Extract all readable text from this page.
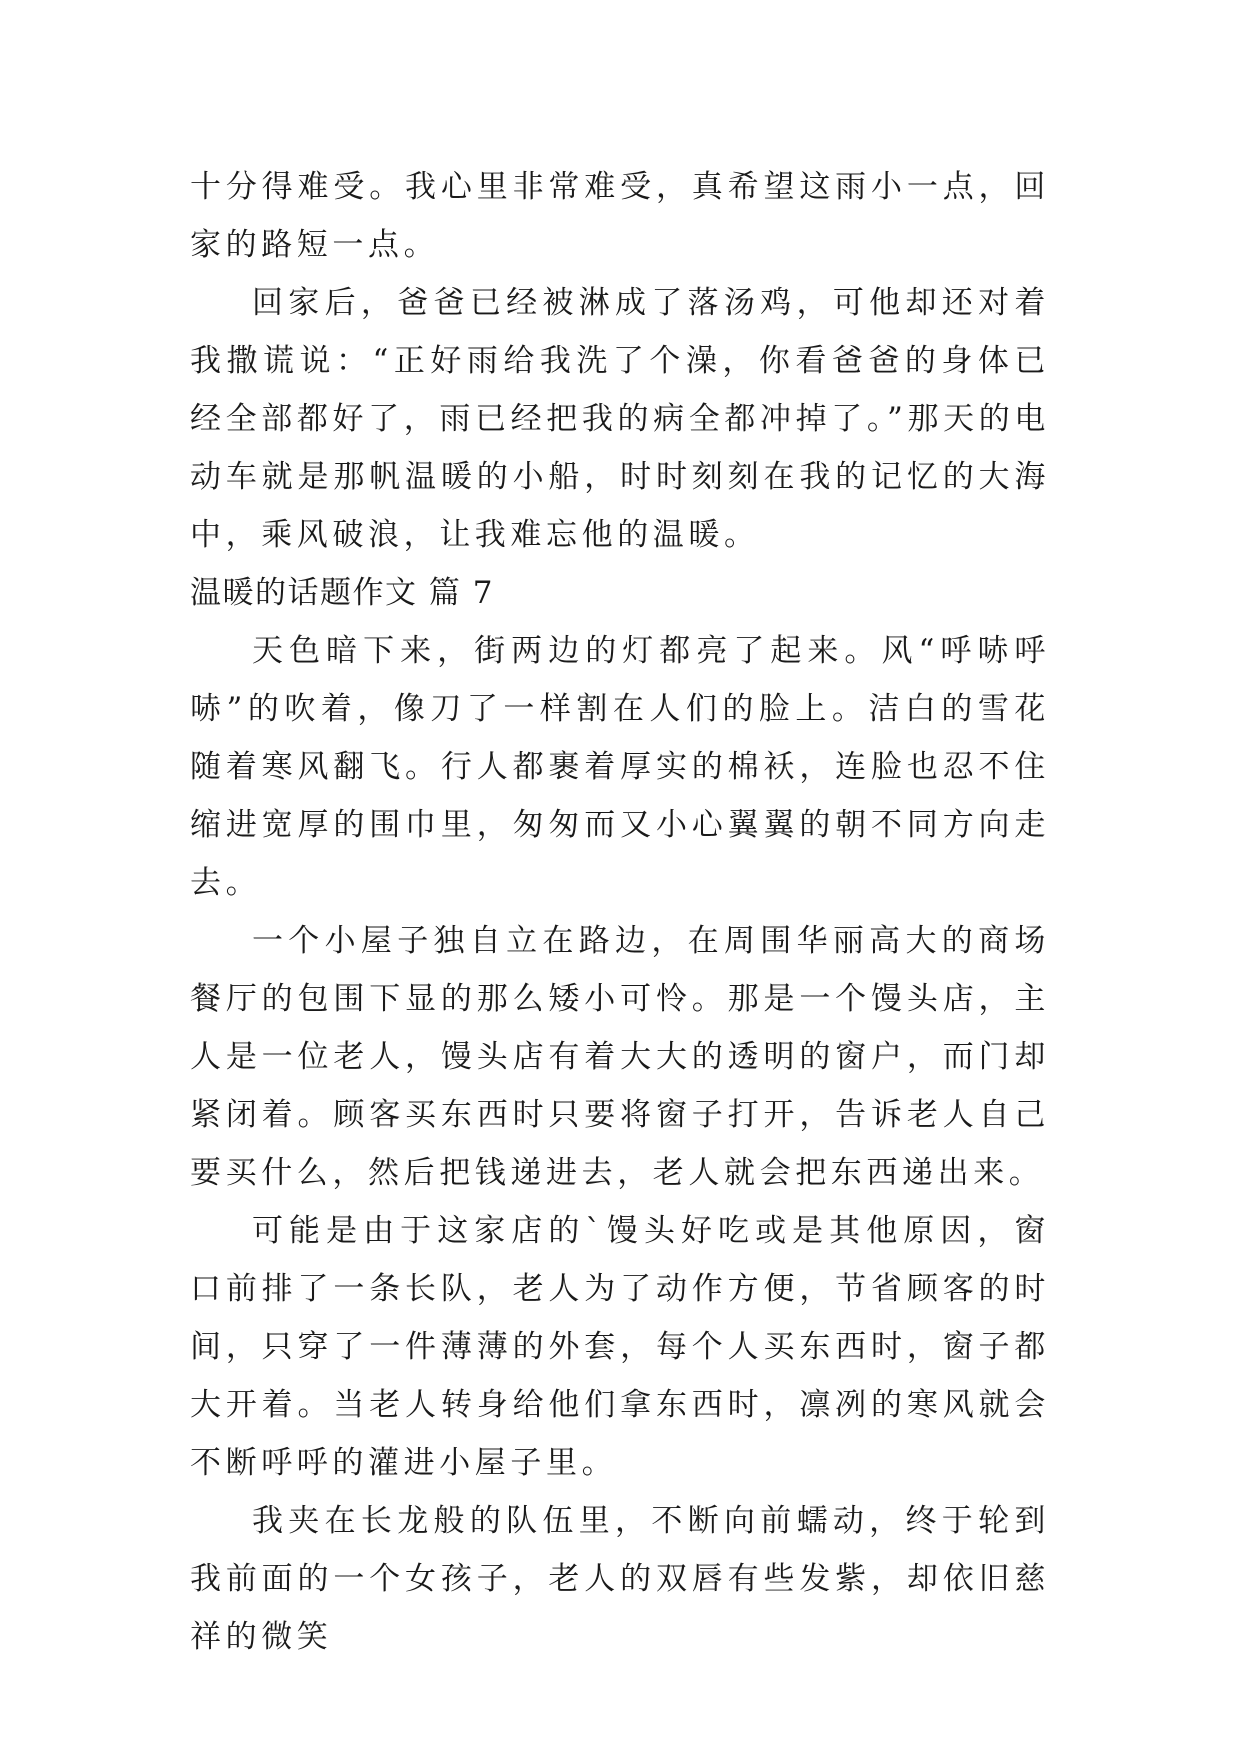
十分得难受。我心里非常难受，真希望这雨小一点，回家的路短一点。

回家后，爸爸已经被淋成了落汤鸡，可他却还对着我撒谎说：“正好雨给我洗了个澡，你看爸爸的身体已经全部都好了，雨已经把我的病全都冲掉了。”那天的电动车就是那帆温暖的小船，时时刻刻在我的记忆的大海中，乘风破浪，让我难忘他的温暖。

温暖的话题作文 篇 7

天色暗下来，街两边的灯都亮了起来。风“呼哧呼哧”的吹着，像刀了一样割在人们的脸上。洁白的雪花随着寒风翻飞。行人都裹着厚实的棉袄，连脸也忍不住缩进宽厚的围巾里，匆匆而又小心翼翼的朝不同方向走去。

一个小屋子独自立在路边，在周围华丽高大的商场餐厅的包围下显的那么矮小可怜。那是一个馒头店，主人是一位老人，馒头店有着大大的透明的窗户，而门却紧闭着。顾客买东西时只要将窗子打开，告诉老人自己要买什么，然后把钱递进去，老人就会把东西递出来。

可能是由于这家店的`馒头好吃或是其他原因，窗口前排了一条长队，老人为了动作方便，节省顾客的时间，只穿了一件薄薄的外套，每个人买东西时，窗子都大开着。当老人转身给他们拿东西时，凛冽的寒风就会不断呼呼的灌进小屋子里。

我夹在长龙般的队伍里，不断向前蠕动，终于轮到我前面的一个女孩子，老人的双唇有些发紫，却依旧慈祥的微笑
